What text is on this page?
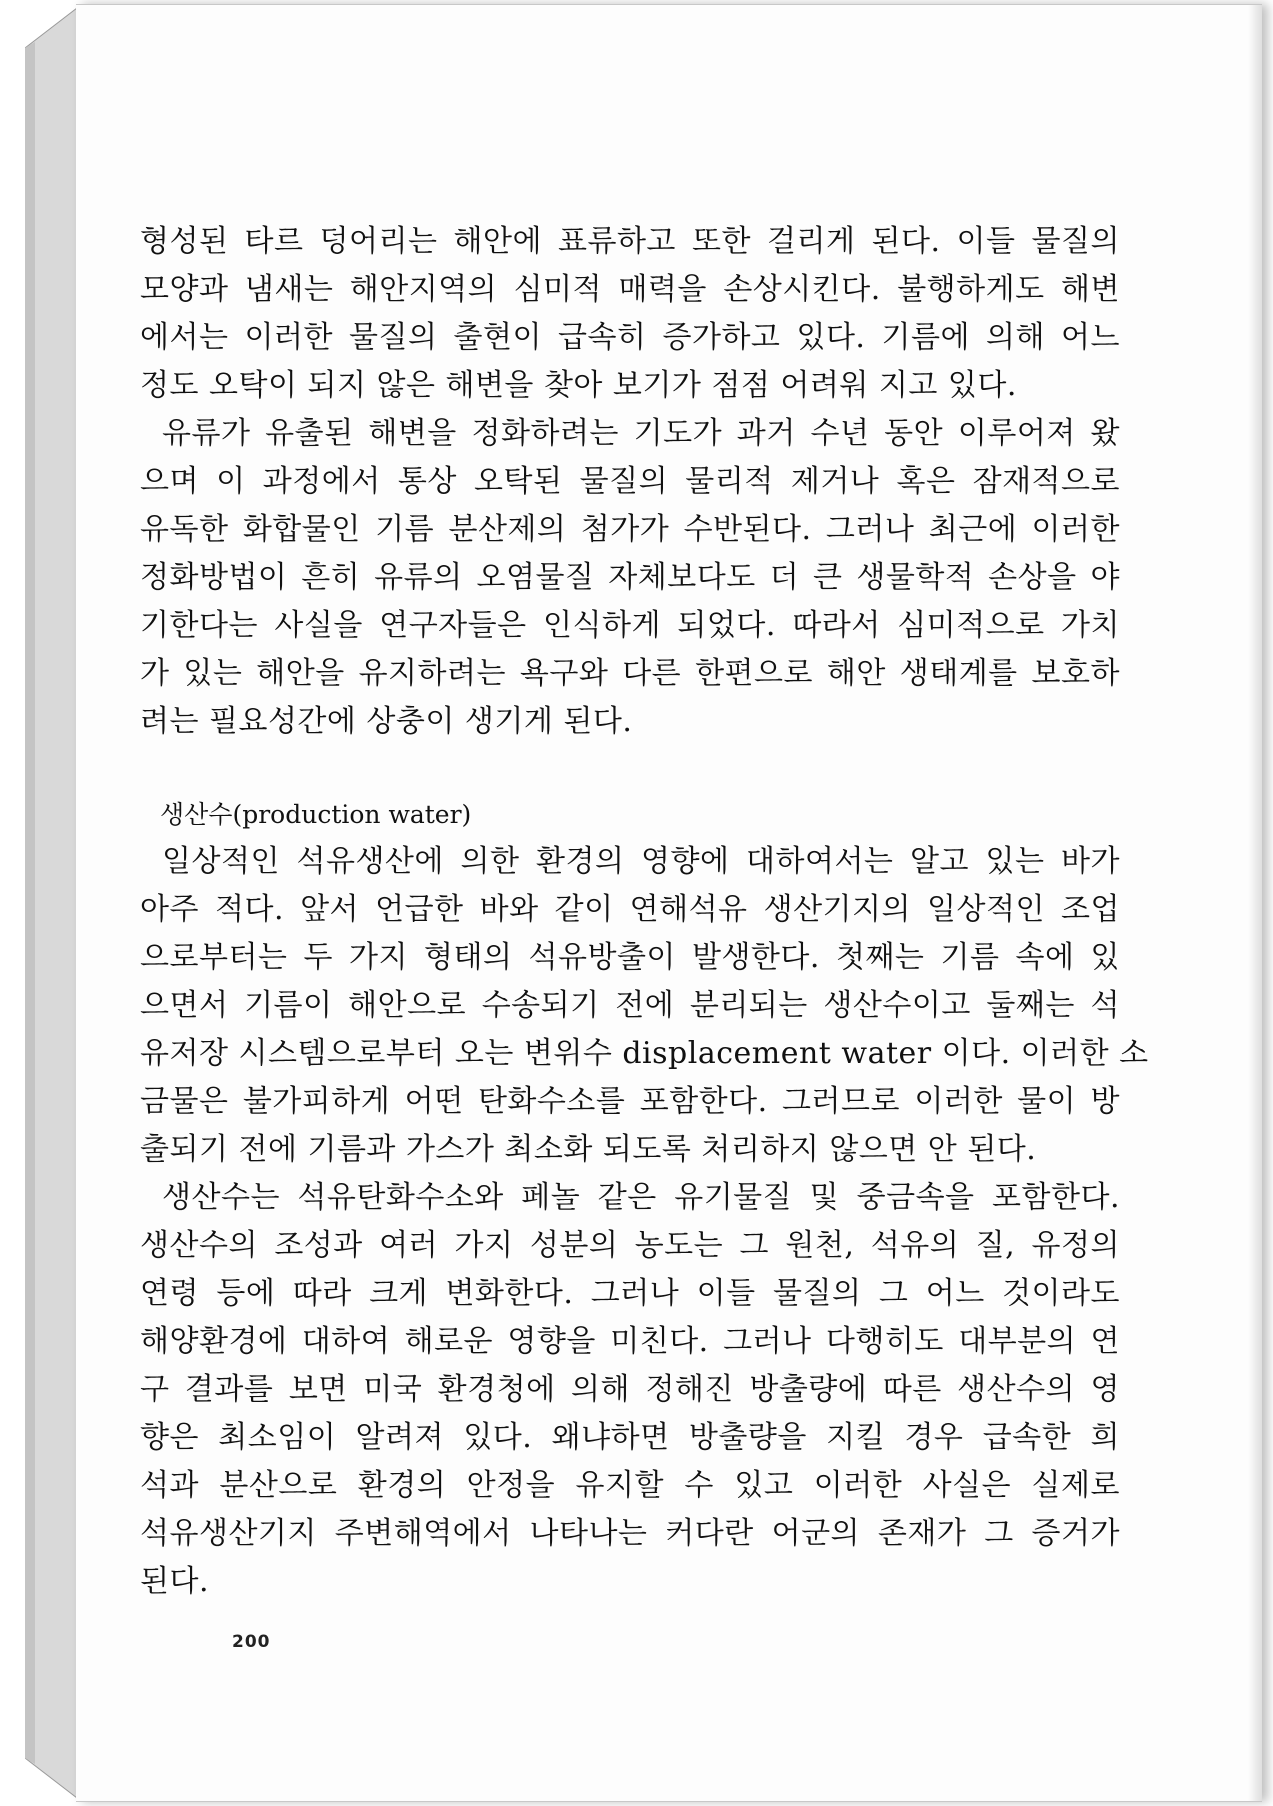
형성된 타르 덩어리는 해안에 표류하고 또한 걸리게 된다. 이들 물질의
모양과 냄새는 해안지역의 심미적 매력을 손상시킨다. 불행하게도 해변
에서는 이러한 물질의 출현이 급속히 증가하고 있다. 기름에 의해 어느
정도 오탁이 되지 않은 해변을 찾아 보기가 점점 어려워 지고 있다.
유류가 유출된 해변을 정화하려는 기도가 과거 수년 동안 이루어져 왔
으며 이 과정에서 통상 오탁된 물질의 물리적 제거나 혹은 잠재적으로
유독한 화합물인 기름 분산제의 첨가가 수반된다. 그러나 최근에 이러한
정화방법이 흔히 유류의 오염물질 자체보다도 더 큰 생물학적 손상을 야
기한다는 사실을 연구자들은 인식하게 되었다. 따라서 심미적으로 가치
가 있는 해안을 유지하려는 욕구와 다른 한편으로 해안 생태계를 보호하
려는 필요성간에 상충이 생기게 된다.
생산수(production water)
일상적인 석유생산에 의한 환경의 영향에 대하여서는 알고 있는 바가
아주 적다. 앞서 언급한 바와 같이 연해석유 생산기지의 일상적인 조업
으로부터는 두 가지 형태의 석유방출이 발생한다. 첫째는 기름 속에 있
으면서 기름이 해안으로 수송되기 전에 분리되는 생산수이고 둘째는 석
유저장 시스템으로부터 오는 변위수 displacement water 이다. 이러한 소
금물은 불가피하게 어떤 탄화수소를 포함한다. 그러므로 이러한 물이 방
출되기 전에 기름과 가스가 최소화 되도록 처리하지 않으면 안 된다.
생산수는 석유탄화수소와 페놀 같은 유기물질 및 중금속을 포함한다.
생산수의 조성과 여러 가지 성분의 농도는 그 원천, 석유의 질, 유정의
연령 등에 따라 크게 변화한다. 그러나 이들 물질의 그 어느 것이라도
해양환경에 대하여 해로운 영향을 미친다. 그러나 다행히도 대부분의 연
구 결과를 보면 미국 환경청에 의해 정해진 방출량에 따른 생산수의 영
향은 최소임이 알려져 있다. 왜냐하면 방출량을 지킬 경우 급속한 희
석과 분산으로 환경의 안정을 유지할 수 있고 이러한 사실은 실제로
석유생산기지 주변해역에서 나타나는 커다란 어군의 존재가 그 증거가
된다.
200
